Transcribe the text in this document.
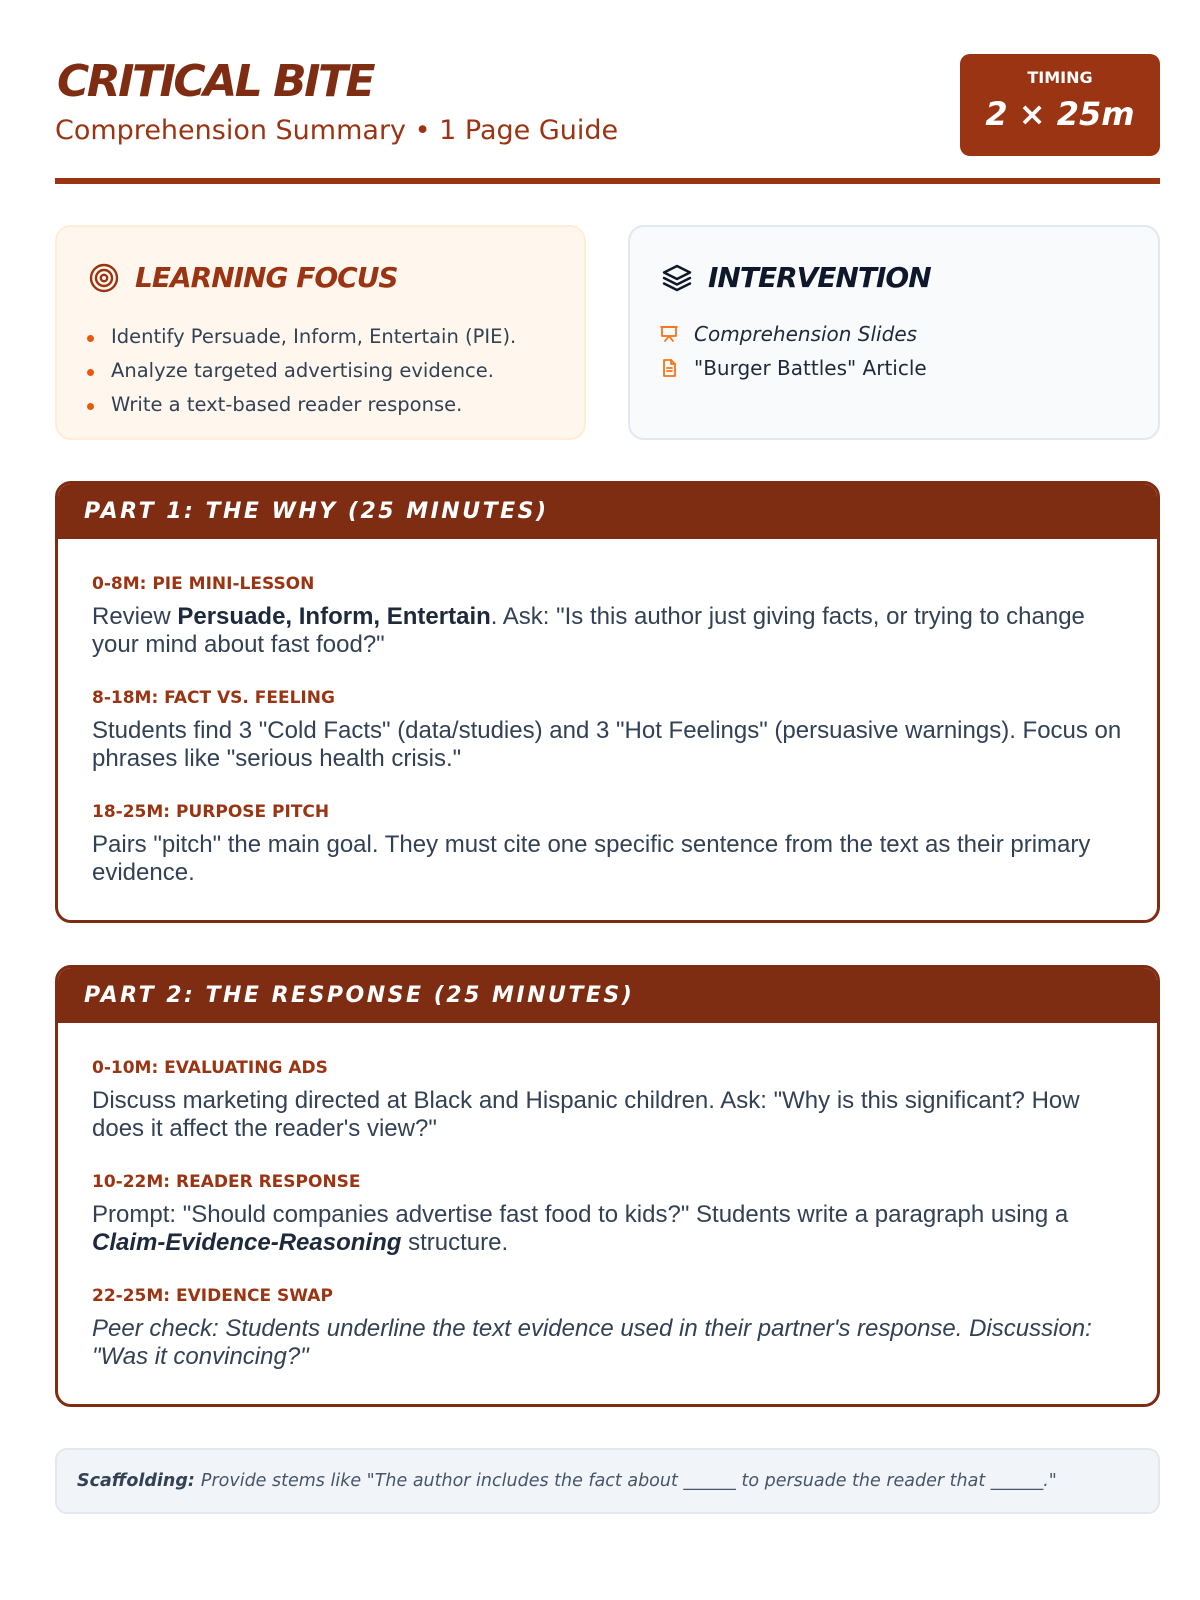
CRITICAL BITE
Comprehension Summary • 1 Page Guide
TIMING
2 × 25m
LEARNING FOCUS
Identify Persuade, Inform, Entertain (PIE).
Analyze targeted advertising evidence.
Write a text-based reader response.
INTERVENTION
Comprehension Slides
"Burger Battles" Article
PART 1: THE WHY (25 MINUTES)
0-8M: PIE MINI-LESSON
Review Persuade, Inform, Entertain. Ask: "Is this author just giving facts, or trying to change your mind about fast food?"
8-18M: FACT VS. FEELING
Students find 3 "Cold Facts" (data/studies) and 3 "Hot Feelings" (persuasive warnings). Focus on phrases like "serious health crisis."
18-25M: PURPOSE PITCH
Pairs "pitch" the main goal. They must cite one specific sentence from the text as their primary evidence.
PART 2: THE RESPONSE (25 MINUTES)
0-10M: EVALUATING ADS
Discuss marketing directed at Black and Hispanic children. Ask: "Why is this significant? How does it affect the reader's view?"
10-22M: READER RESPONSE
Prompt: "Should companies advertise fast food to kids?" Students write a paragraph using a Claim-Evidence-Reasoning structure.
22-25M: EVIDENCE SWAP
Peer check: Students underline the text evidence used in their partner's response. Discussion: "Was it convincing?"
Scaffolding: Provide stems like "The author includes the fact about ______ to persuade the reader that ______."
